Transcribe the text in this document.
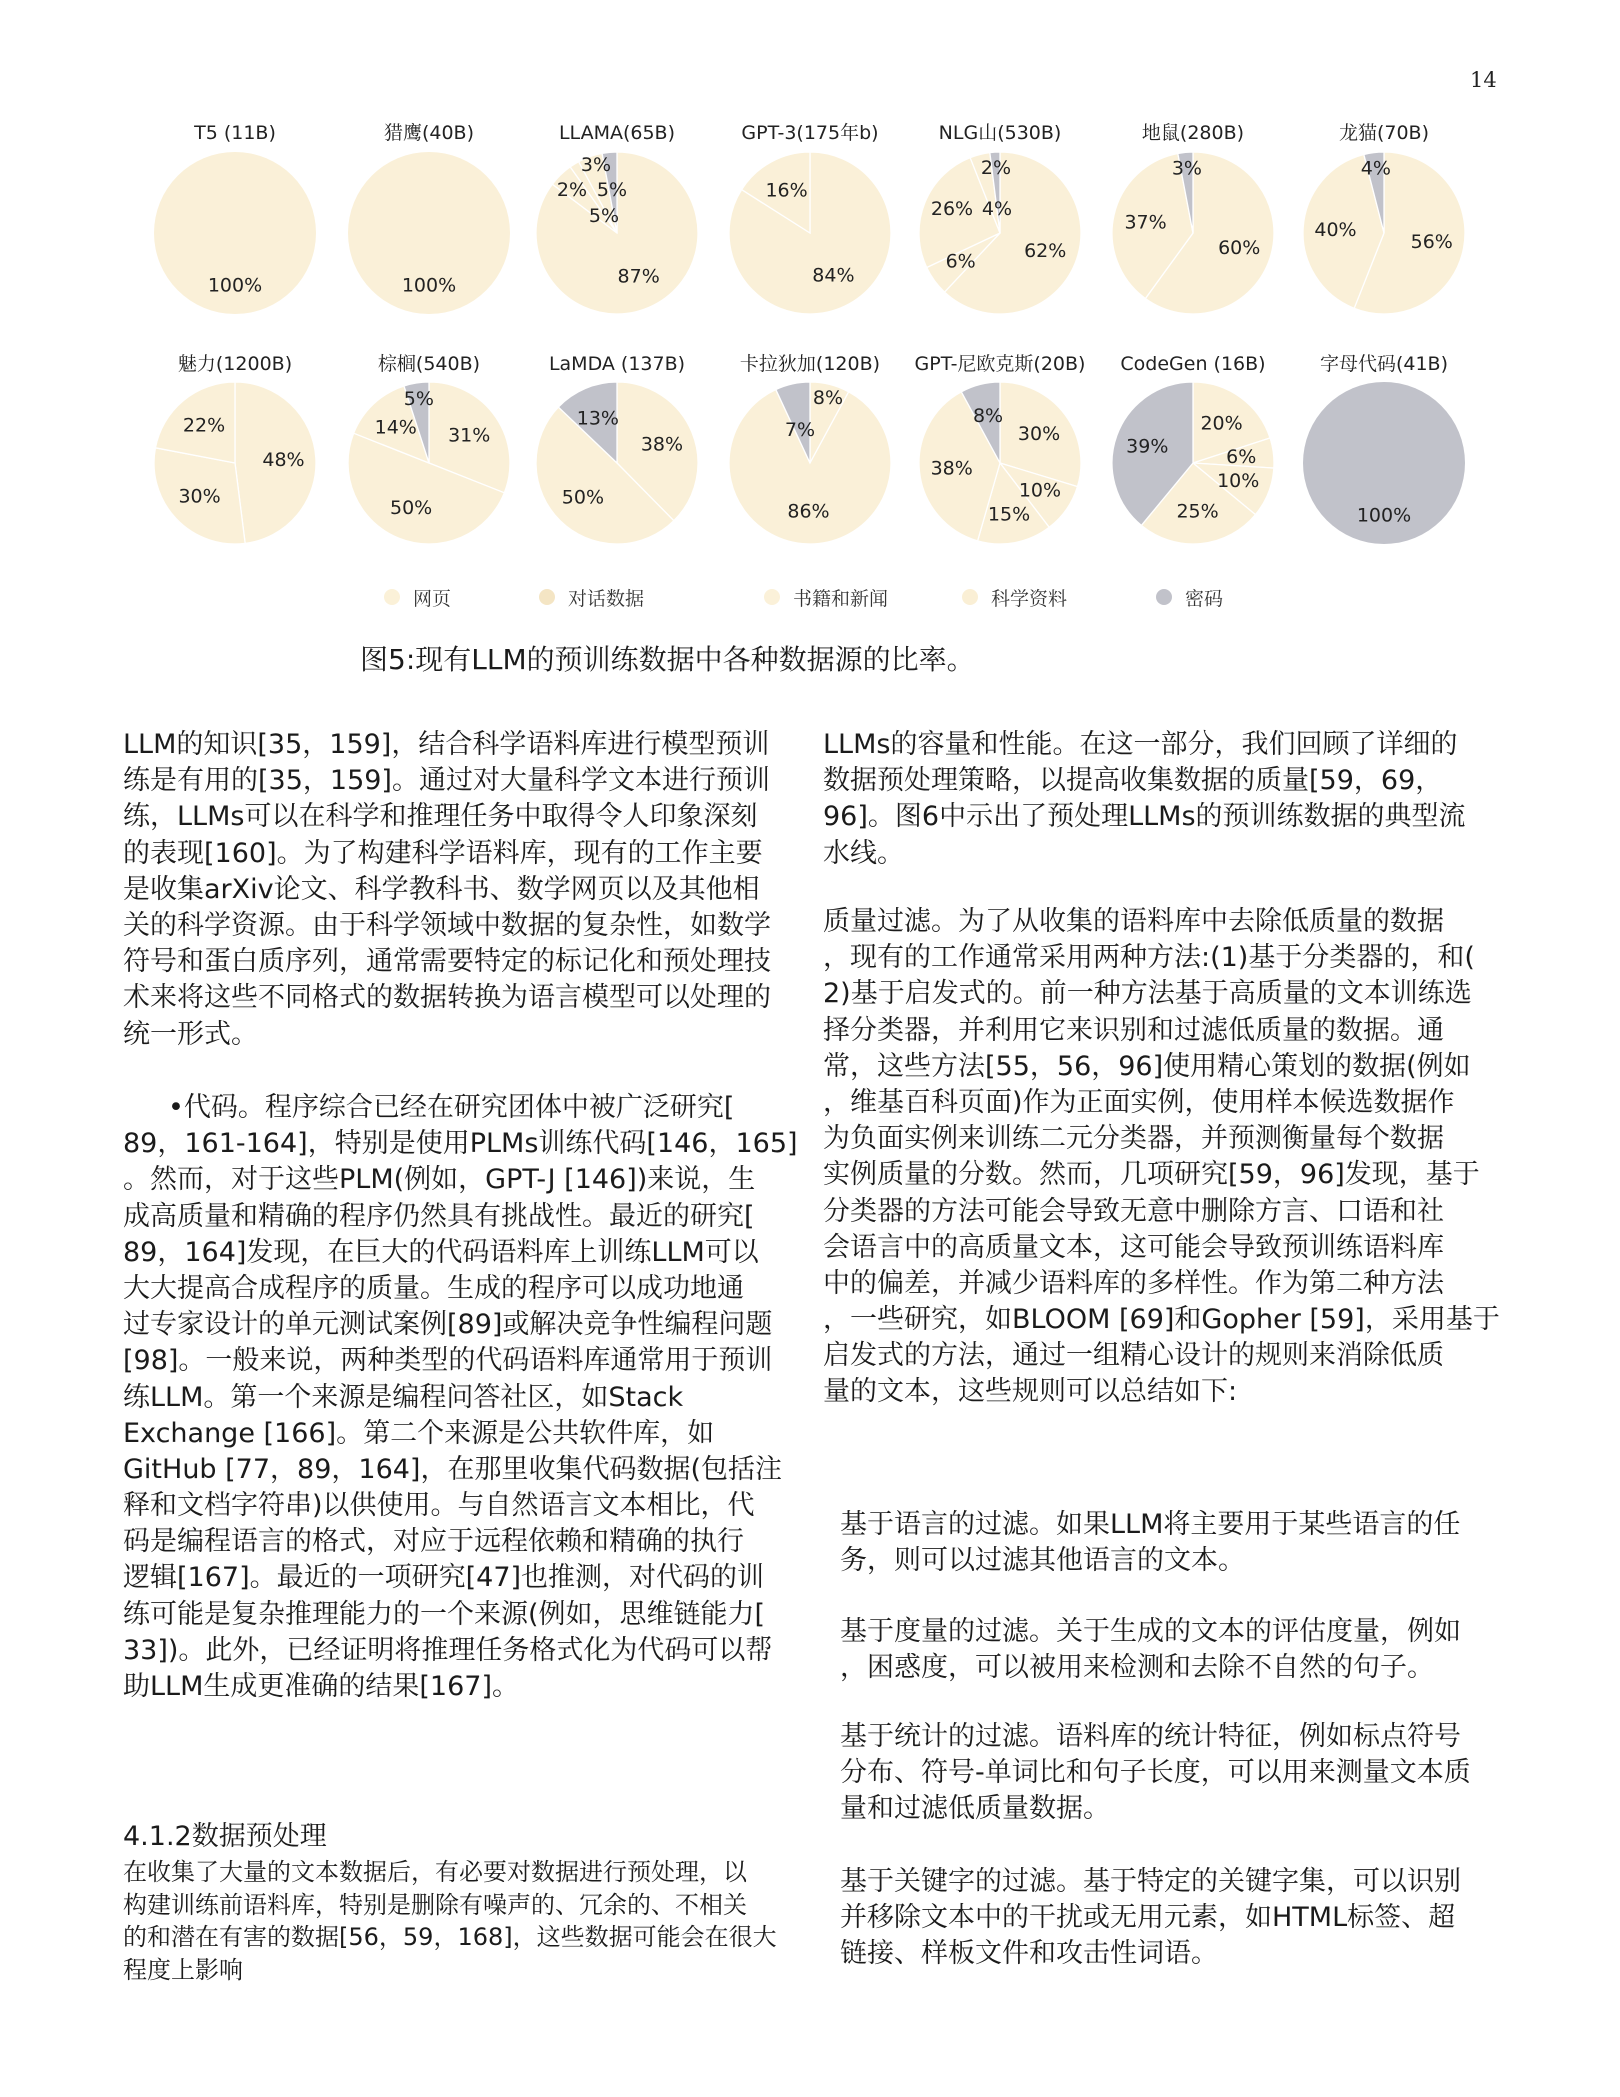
14
T5 (11B)
100%
猎鹰(40B)
100%
LLAMA(65B)
87%
5%
2% 5%
3%
GPT-3(175年b)
84%
16%
NLG山(530B)
62%
6%
26% 4%
2%
地鼠(280B)
60%
37%
3%
龙猫(70B)
56%
40%
4%
魅力(1200B)
48%
30%
22%
棕榈(540B)
31%
50%
14%
5%
LaMDA (137B)
38%
50%
13%
卡拉狄加(120B)
8%
86%
7%
GPT-尼欧克斯(20B)
30%
10%
15%
38%
8%
CodeGen (16B)
20%
6%
10%
25%
39%
字母代码(41B)
100%
网页	对话数据	书籍和新闻	科学资料	密码
图5:现有LLM的预训练数据中各种数据源的比率。
LLM的知识[35，159]，结合科学语料库进行模型预训
练是有用的[35，159]。通过对大量科学文本进行预训
练，LLMs可以在科学和推理任务中取得令人印象深刻
的表现[160]。为了构建科学语料库，现有的工作主要
是收集arXiv论文、科学教科书、数学网页以及其他相
关的科学资源。由于科学领域中数据的复杂性，如数学
符号和蛋白质序列，通常需要特定的标记化和预处理技
术来将这些不同格式的数据转换为语言模型可以处理的
统一形式。
•代码。程序综合已经在研究团体中被广泛研究[
89，161-164]，特别是使用PLMs训练代码[146，165]
。然而，对于这些PLM(例如，GPT-J [146])来说，生
成高质量和精确的程序仍然具有挑战性。最近的研究[
89，164]发现，在巨大的代码语料库上训练LLM可以
大大提高合成程序的质量。生成的程序可以成功地通
过专家设计的单元测试案例[89]或解决竞争性编程问题
[98]。一般来说，两种类型的代码语料库通常用于预训
练LLM。第一个来源是编程问答社区，如Stack
Exchange [166]。第二个来源是公共软件库，如
GitHub [77，89，164]，在那里收集代码数据(包括注
释和文档字符串)以供使用。与自然语言文本相比，代
码是编程语言的格式，对应于远程依赖和精确的执行
逻辑[167]。最近的一项研究[47]也推测，对代码的训
练可能是复杂推理能力的一个来源(例如，思维链能力[
33])。此外，已经证明将推理任务格式化为代码可以帮
助LLM生成更准确的结果[167]。
4.1.2数据预处理
在收集了大量的文本数据后，有必要对数据进行预处理，以
构建训练前语料库，特别是删除有噪声的、冗余的、不相关
的和潜在有害的数据[56，59，168]，这些数据可能会在很大
程度上影响
LLMs的容量和性能。在这一部分，我们回顾了详细的
数据预处理策略，以提高收集数据的质量[59，69，
96]。图6中示出了预处理LLMs的预训练数据的典型流
水线。
质量过滤。为了从收集的语料库中去除低质量的数据
，现有的工作通常采用两种方法:(1)基于分类器的，和(
2)基于启发式的。前一种方法基于高质量的文本训练选
择分类器，并利用它来识别和过滤低质量的数据。通
常，这些方法[55，56，96]使用精心策划的数据(例如
，维基百科页面)作为正面实例，使用样本候选数据作
为负面实例来训练二元分类器，并预测衡量每个数据
实例质量的分数。然而，几项研究[59，96]发现，基于
分类器的方法可能会导致无意中删除方言、口语和社
会语言中的高质量文本，这可能会导致预训练语料库
中的偏差，并减少语料库的多样性。作为第二种方法
，一些研究，如BLOOM [69]和Gopher [59]，采用基于
启发式的方法，通过一组精心设计的规则来消除低质
量的文本，这些规则可以总结如下:
基于语言的过滤。如果LLM将主要用于某些语言的任
务，则可以过滤其他语言的文本。
基于度量的过滤。关于生成的文本的评估度量，例如
，困惑度，可以被用来检测和去除不自然的句子。
基于统计的过滤。语料库的统计特征，例如标点符号
分布、符号-单词比和句子长度，可以用来测量文本质
量和过滤低质量数据。
基于关键字的过滤。基于特定的关键字集，可以识别
并移除文本中的干扰或无用元素，如HTML标签、超
链接、样板文件和攻击性词语。
